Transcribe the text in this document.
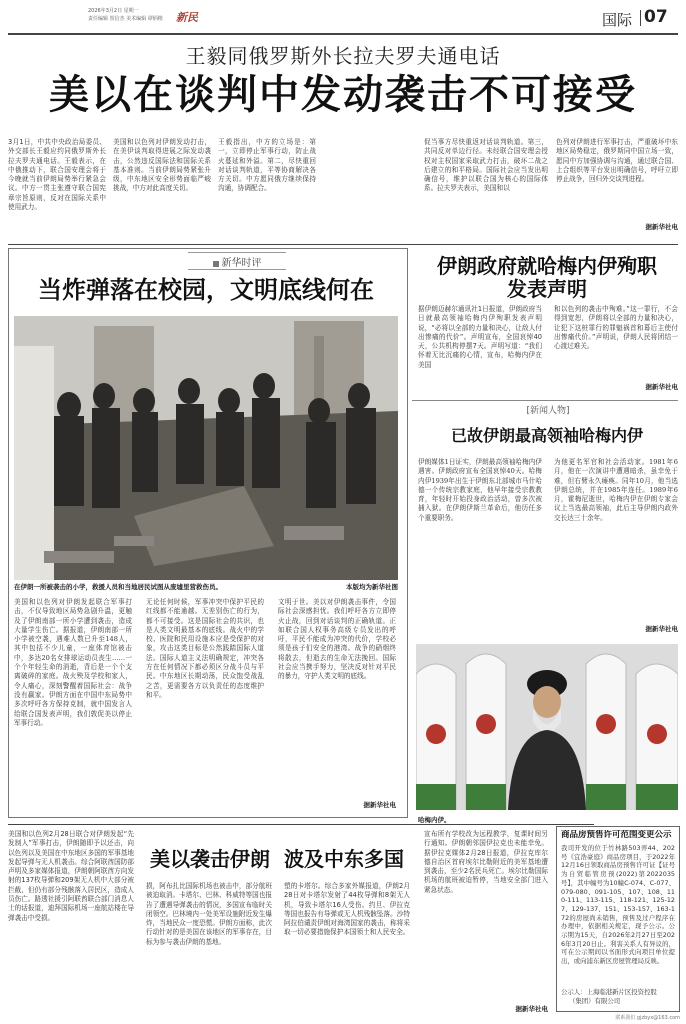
2026年3月2日 星期一
责任编辑 贺信杰 美术编辑 谭炳楷	新民	国际 07
王毅同俄罗斯外长拉夫罗夫通电话
美以在谈判中发动袭击不可接受
3月1日，中共中央政治局委员、外交部长王毅应约同俄罗斯外长拉夫罗夫通电话。王毅表示，在中俄推动下，联合国安理会将于今晚就当前伊朗局势举行紧急会议。中方一贯主张遵守联合国宪章宗旨原则，反对在国际关系中使用武力。
美国和以色列对伊朗发动打击，在美伊谈判取得进展之际发动袭击，公然违反国际法和国际关系基本准则。当前伊朗局势紧张升级，中东地区安全形势面临严峻挑战，中方对此高度关切。
王毅指出，中方的立场是：第一，立即停止军事行动，防止战火蔓延和外溢。第二，尽快重回对话谈判轨道，平等协商解决各方关切。中方愿同俄方继续保持沟通，协调配合。
促当事方尽快重返对话谈判轨道。第三，共同反对单边行径。未经联合国安理会授权对主权国家采取武力打击，破坏二战之后建立的和平格局。国际社会应当发出明确信号，维护以联合国为核心的国际体系。拉夫罗夫表示，美国和以
色列对伊朗进行军事打击，严重破坏中东地区局势稳定，俄罗斯同中国立场一致，愿同中方加强协调与沟通，通过联合国、上合组织等平台发出明确信号，呼吁立即停止战争，回归外交谈判进程。
据新华社电
新华时评
当炸弹落在校园，文明底线何在
在伊朗一所被袭击的小学，救援人员和当地居民试图从废墟里营救伤员。	本版均为新华社图
美国和以色列对伊朗发起联合军事打击，不仅导致地区局势急剧升温，更触及了伊朗南部一所小学遭到袭击，造成大量学生伤亡。据报道，伊朗南部一所小学被空袭，遇难人数已升至148人，其中包括不少儿童，一座体育馆被击中，多达20名女排球运动员丧生……一个个年轻生命的消逝，背后是一个个支离破碎的家庭。战火殃及学校和家人，令人痛心，深刻警醒着国际社会：战争没有赢家。伊朗方面在中国中东局势中多次呼吁各方保持克制，就中国发言人给联合国发表声明，我们敦促美以停止军事行动。
无论任何时候，军事冲突中保护平民的红线都不能逾越。无差别伤亡的行为，都不可接受。这是国际社会的共识，也是人类文明最基本的底线。战火中的学校、医院和民用设施本应是受保护的对象，攻击这类目标是公然践踏国际人道法。国际人道主义法明确规定，冲突各方在任何情况下都必须区分战斗员与平民。中东地区长期动荡，民众饱受战乱之苦，更需要各方以负责任的态度维护和平。
文明于世。美以对伊朗袭击事件，令国际社会深感担忧。我们呼吁各方立即停火止战，回到对话谈判的正确轨道。正如联合国人权事务高级专员发出的呼吁，平民不能成为冲突的代价，学校必须是孩子们安全的港湾。战争的硝烟终将散去，但逝去的生命无法挽回。国际社会应当携手努力，坚决反对针对平民的暴力，守护人类文明的底线。
据新华社电
伊朗政府就哈梅内伊殉职
发表声明
据伊朗迈赫尔通讯社1日报道，伊朗政府当日就最高领袖哈梅内伊殉职发表声明说，“必将以全部的力量和决心，让敌人付出惨痛的代价”。声明宣布，全国哀悼40天，公共机构停摆7天。声明写道：“我们怀着无比沉痛的心情，宣布，哈梅内伊在美国
和以色列的袭击中殉难。”这一罪行，不会得到宽恕，伊朗将以全部的力量和决心，让犯下这桩罪行的罪魁祸首和幕后主使付出惨痛代价。”声明说，伊朗人民将团结一心渡过难关。
据新华社电
[新闻人物]
已故伊朗最高领袖哈梅内伊
伊朗媒体1日证实，伊朗最高领袖哈梅内伊遇害。伊朗政府宣布全国哀悼40天。哈梅内伊1939年出生于伊朗东北部城市马什哈德一个传统宗教家庭，他早年接受宗教教育，年轻时开始投身政治活动，曾多次被捕入狱。在伊朗伊斯兰革命后，他历任多个重要职务。
为他更名军官和社会活动家。1981年6月，他在一次演讲中遭遇暗杀，虽幸免于难，但右臂永久瘫痪。同年10月，他当选伊朗总统，并在1985年连任。1989年6月，霍梅尼逝世，哈梅内伊在伊朗专家会议上当选最高领袖，此后主导伊朗内政外交长达三十余年。
据新华社电
哈梅内伊。
美以袭击伊朗 波及中东多国
美国和以色列2月28日联合对伊朗发起“先发制人”军事打击，伊朗随即予以还击，向以色列以及美国在中东地区多国的军事基地发起导弹与无人机袭击。综合阿联酋国防部声明及多家媒体报道，伊朗朝阿联酋方向发射的137枚导弹和209架无人机中大部分被拦截，但仍有部分残骸落入居民区，造成人员伤亡。路透社援引阿联酋联合部门消息人士的话报道，迪拜国际机场一座航站楼在导弹袭击中受损。
损，阿布扎比国际机场也被击中，部分航班被迫取消。卡塔尔、巴林、科威特等国也报告了遭遇导弹袭击的情况，多国宣布临时关闭领空。巴林境内一处美军设施附近发生爆炸，当地民众一度恐慌。伊朗方面称，此次行动针对的是美国在该地区的军事存在，目标为参与袭击伊朗的基地。
塑的卡塔尔。综合多家外媒报道，伊朗2月28日对卡塔尔发射了44枚导弹和8架无人机，导致卡塔尔16人受伤。约旦、伊拉克等国也报告有导弹或无人机残骸坠落。沙特阿拉伯谴责伊朗对海湾国家的袭击，称将采取一切必要措施保护本国领土和人民安全。
宣布所有学校改为远程教学，复课时间另行通知。伊朗朝邻国伊拉克也未能幸免。据伊拉克媒体2月28日报道，伊拉克库尔德自治区首府埃尔比勒附近的美军基地遭到袭击，至少2名民兵死亡。埃尔比勒国际机场的航班被迫暂停，当地安全部门进入紧急状态。
据新华社电
商品房预售许可范围变更公示
我司开发的位于竹林路503弄44、202号《宜浩豪庭》商品房项目，于2022年12月16日领取商品房预售许可证【证号为自贸临管房预(2022)第2022035号】，其中幢号为10幢C-074、C-077、079-080、091-105、107、108、110-111、113-115、118-121、125-127、129-137、151、153-157、163-172的房屋尚未销售，预售及过户程序在办理中，依据相关规定，现予公示。公示期为15天，自2026年2月27日至2026年3月20日止。利害关系人有异议的，可在公示期间以书面形式向项目单位提出，或向浦东新区房屋管理局反映。
公示人：上海临港新片区投资控股
（集团）有限公司
联系我们 gjzbyx@163.com
